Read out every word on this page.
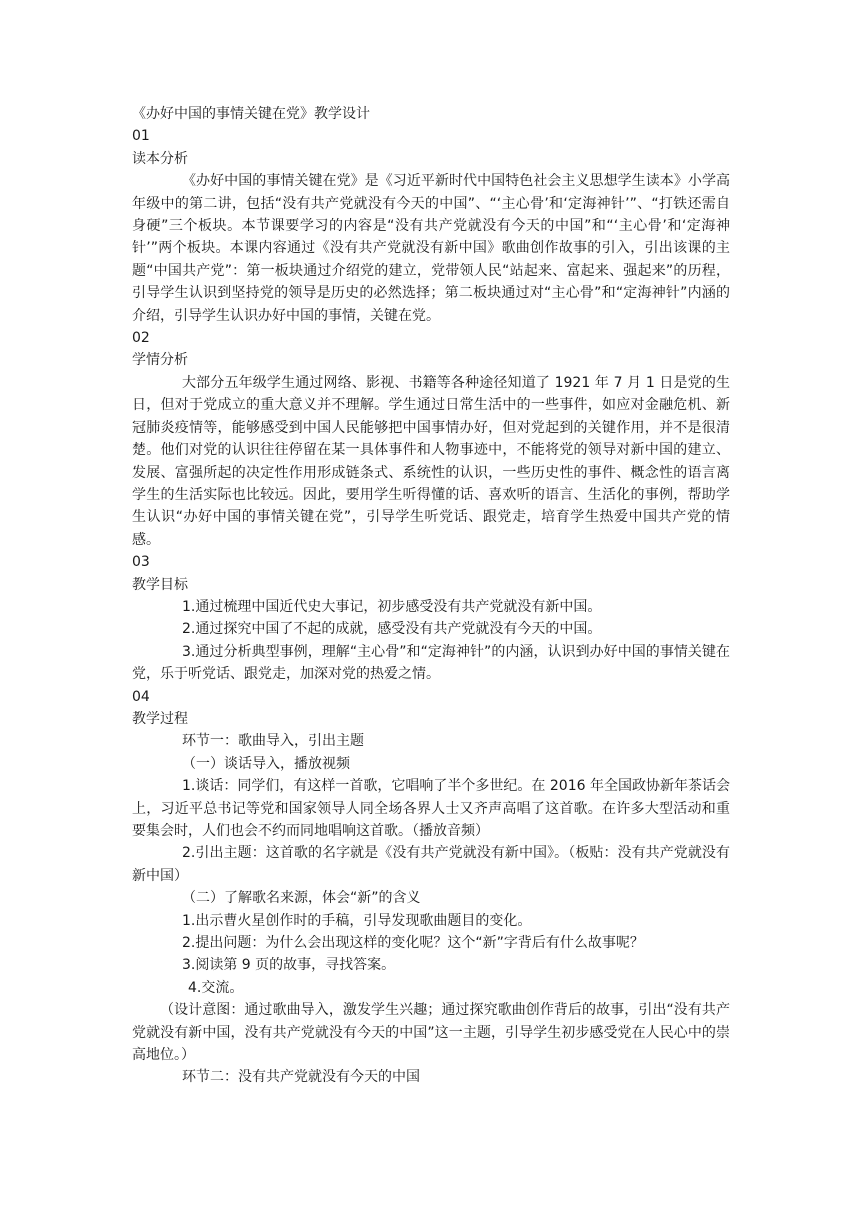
《办好中国的事情关键在党》教学设计

01

读本分析

《办好中国的事情关键在党》是《习近平新时代中国特色社会主义思想学生读本》小学高年级中的第二讲，包括“没有共产党就没有今天的中国”、“‘主心骨’和‘定海神针’”、“打铁还需自身硬”三个板块。本节课要学习的内容是“没有共产党就没有今天的中国”和“‘主心骨’和‘定海神针’”两个板块。本课内容通过《没有共产党就没有新中国》歌曲创作故事的引入，引出该课的主题“中国共产党”：第一板块通过介绍党的建立，党带领人民“站起来、富起来、强起来”的历程，引导学生认识到坚持党的领导是历史的必然选择；第二板块通过对“主心骨”和“定海神针”内涵的介绍，引导学生认识办好中国的事情，关键在党。

02

学情分析

大部分五年级学生通过网络、影视、书籍等各种途径知道了 1921 年 7 月 1 日是党的生日，但对于党成立的重大意义并不理解。学生通过日常生活中的一些事件，如应对金融危机、新冠肺炎疫情等，能够感受到中国人民能够把中国事情办好，但对党起到的关键作用，并不是很清楚。他们对党的认识往往停留在某一具体事件和人物事迹中，不能将党的领导对新中国的建立、发展、富强所起的决定性作用形成链条式、系统性的认识，一些历史性的事件、概念性的语言离学生的生活实际也比较远。因此，要用学生听得懂的话、喜欢听的语言、生活化的事例，帮助学生认识“办好中国的事情关键在党”，引导学生听党话、跟党走，培育学生热爱中国共产党的情感。

03

教学目标

1.通过梳理中国近代史大事记，初步感受没有共产党就没有新中国。

2.通过探究中国了不起的成就，感受没有共产党就没有今天的中国。

3.通过分析典型事例，理解“主心骨”和“定海神针”的内涵，认识到办好中国的事情关键在党，乐于听党话、跟党走，加深对党的热爱之情。

04

教学过程

环节一：歌曲导入，引出主题

（一）谈话导入，播放视频

1.谈话：同学们，有这样一首歌，它唱响了半个多世纪。在 2016 年全国政协新年茶话会上，习近平总书记等党和国家领导人同全场各界人士又齐声高唱了这首歌。在许多大型活动和重要集会时，人们也会不约而同地唱响这首歌。（播放音频）

2.引出主题：这首歌的名字就是《没有共产党就没有新中国》。（板贴：没有共产党就没有新中国）

（二）了解歌名来源，体会“新”的含义

1.出示曹火星创作时的手稿，引导发现歌曲题目的变化。

2.提出问题：为什么会出现这样的变化呢？这个“新”字背后有什么故事呢？

3.阅读第 9 页的故事，寻找答案。

4.交流。

（设计意图：通过歌曲导入，激发学生兴趣；通过探究歌曲创作背后的故事，引出“没有共产党就没有新中国，没有共产党就没有今天的中国”这一主题，引导学生初步感受党在人民心中的崇高地位。）

环节二：没有共产党就没有今天的中国
